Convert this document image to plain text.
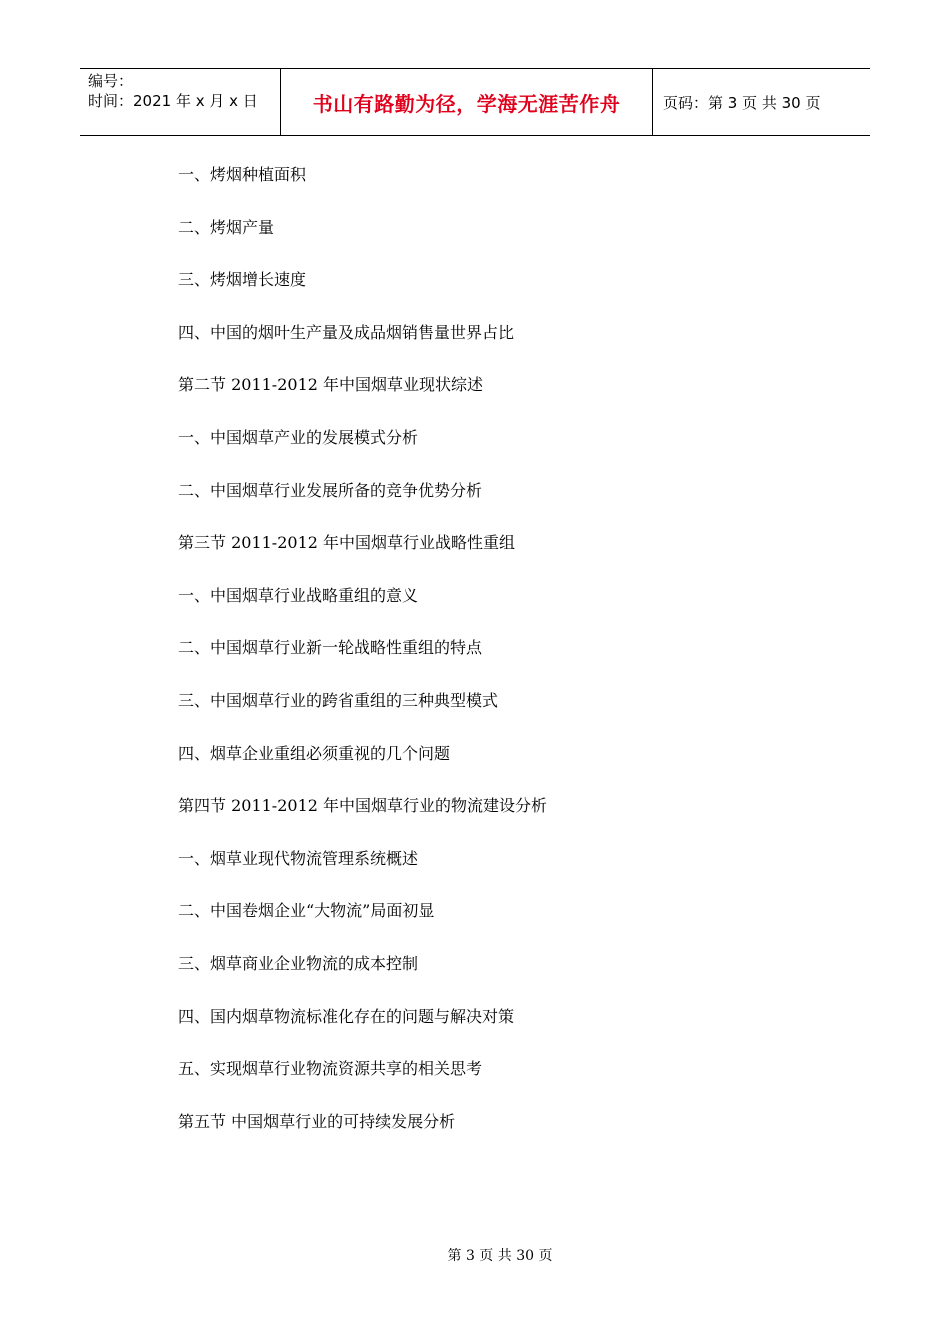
编号：
时间：2021 年 x 月 x 日	书山有路勤为径，学海无涯苦作舟	页码：第 3 页 共 30 页
一、烤烟种植面积
二、烤烟产量
三、烤烟增长速度
四、中国的烟叶生产量及成品烟销售量世界占比
第二节 2011-2012 年中国烟草业现状综述
一、中国烟草产业的发展模式分析
二、中国烟草行业发展所备的竞争优势分析
第三节 2011-2012 年中国烟草行业战略性重组
一、中国烟草行业战略重组的意义
二、中国烟草行业新一轮战略性重组的特点
三、中国烟草行业的跨省重组的三种典型模式
四、烟草企业重组必须重视的几个问题
第四节 2011-2012 年中国烟草行业的物流建设分析
一、烟草业现代物流管理系统概述
二、中国卷烟企业“大物流”局面初显
三、烟草商业企业物流的成本控制
四、国内烟草物流标准化存在的问题与解决对策
五、实现烟草行业物流资源共享的相关思考
第五节 中国烟草行业的可持续发展分析
第 3 页 共 30 页
